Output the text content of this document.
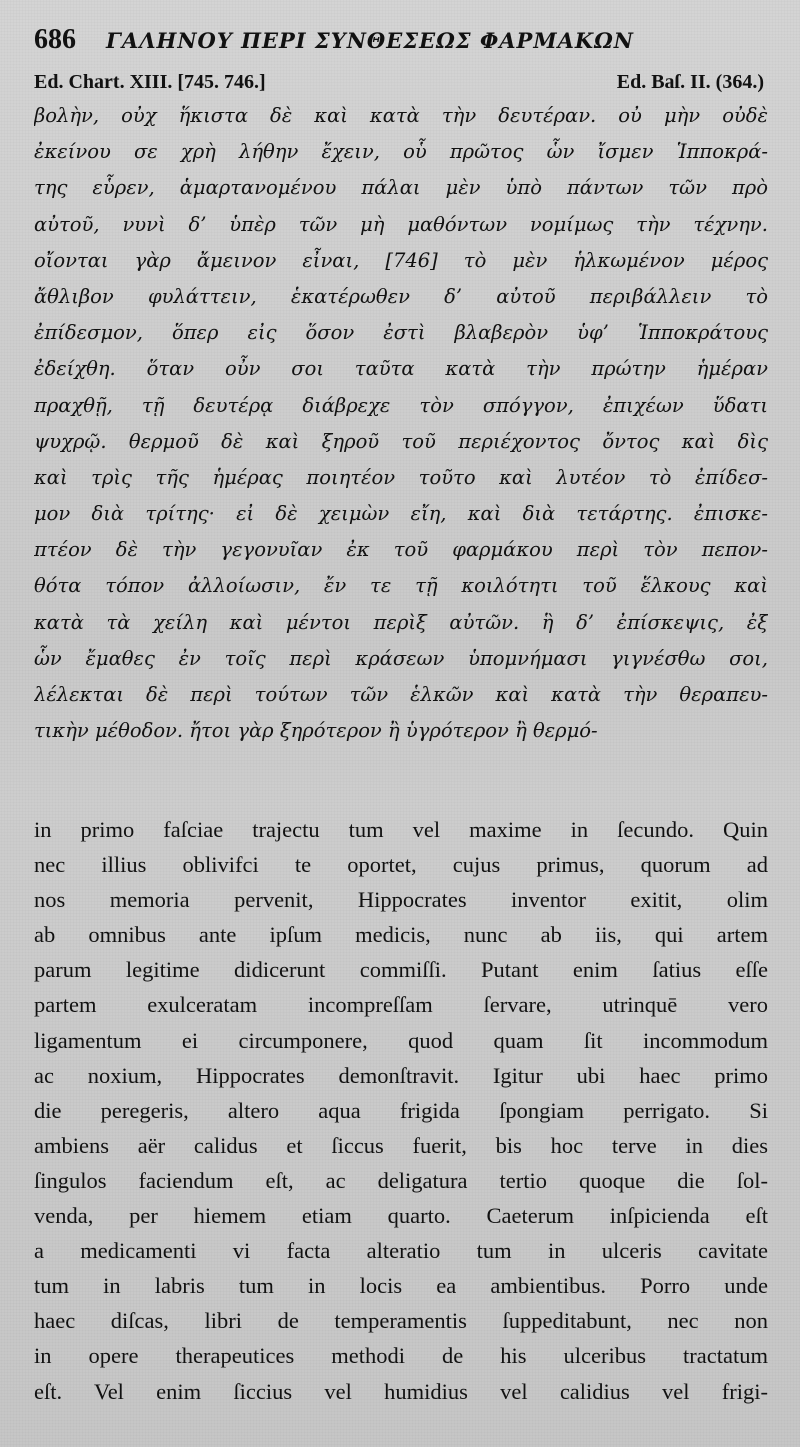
686 ΓΑΛΗΝΟΥ ΠΕΡΙ ΣΥΝΘΕΣΕΩΣ ΦΑΡΜΑΚΩΝ
Ed. Chart. XIII. [745. 746.]	Ed. Baſ. II. (364.)
βολὴν, οὐχ ἥκιστα δὲ καὶ κατὰ τὴν δευτέραν. οὐ μὴν οὐδὲ
ἐκείνου σε χρὴ λήθην ἔχειν, οὗ πρῶτος ὧν ἴσμεν Ἱπποκρά-
της εὗρεν, ἁμαρτανομένου πάλαι μὲν ὑπὸ πάντων τῶν πρὸ
αὐτοῦ, νυνὶ δ’ ὑπὲρ τῶν μὴ μαθόντων νομίμως τὴν τέχνην.
οἴονται γὰρ ἄμεινον εἶναι, [746] τὸ μὲν ἡλκωμένον μέρος
ἄθλιβον φυλάττειν, ἑκατέρωθεν δ’ αὐτοῦ περιβάλλειν τὸ
ἐπίδεσμον, ὅπερ εἰς ὅσον ἐστὶ βλαβερὸν ὑφ’ Ἱπποκράτους
ἐδείχθη. ὅταν οὖν σοι ταῦτα κατὰ τὴν πρώτην ἡμέραν
πραχθῇ, τῇ δευτέρᾳ διάβρεχε τὸν σπόγγον, ἐπιχέων ὕδατι
ψυχρῷ. θερμοῦ δὲ καὶ ξηροῦ τοῦ περιέχοντος ὄντος καὶ δὶς
καὶ τρὶς τῆς ἡμέρας ποιητέον τοῦτο καὶ λυτέον τὸ ἐπίδεσ-
μον διὰ τρίτης· εἰ δὲ χειμὼν εἴη, καὶ διὰ τετάρτης. ἐπισκε-
πτέον δὲ τὴν γεγονυῖαν ἐκ τοῦ φαρμάκου περὶ τὸν πεπον-
θότα τόπον ἀλλοίωσιν, ἔν τε τῇ κοιλότητι τοῦ ἕλκους καὶ
κατὰ τὰ χείλη καὶ μέντοι περὶξ αὐτῶν. ἣ δ’ ἐπίσκεψις, ἐξ
ὧν ἔμαθες ἐν τοῖς περὶ κράσεων ὑπομνήμασι γιγνέσθω σοι,
λέλεκται δὲ περὶ τούτων τῶν ἑλκῶν καὶ κατὰ τὴν θεραπευ-
τικὴν μέθοδον. ἤτοι γὰρ ξηρότερον ἢ ὑγρότερον ἢ θερμό-
in primo faſciae trajectu tum vel maxime in ſecundo. Quin
nec illius oblivifci te oportet, cujus primus, quorum ad
nos memoria pervenit, Hippocrates inventor exitit, olim
ab omnibus ante ipſum medicis, nunc ab iis, qui artem
parum legitime didicerunt commiſſi. Putant enim ſatius eſſe
partem exulceratam incompreſſam ſervare, utrinquē vero
ligamentum ei circumponere, quod quam ſit incommodum
ac noxium, Hippocrates demonſtravit. Igitur ubi haec primo
die peregeris, altero aqua frigida ſpongiam perrigato. Si
ambiens aër calidus et ſiccus fuerit, bis hoc terve in dies
ſingulos faciendum eſt, ac deligatura tertio quoque die ſol-
venda, per hiemem etiam quarto. Caeterum inſpicienda eſt
a medicamenti vi facta alteratio tum in ulceris cavitate
tum in labris tum in locis ea ambientibus. Porro unde
haec diſcas, libri de temperamentis ſuppeditabunt, nec non
in opere therapeutices methodi de his ulceribus tractatum
eſt. Vel enim ſiccius vel humidius vel calidius vel frigi-
